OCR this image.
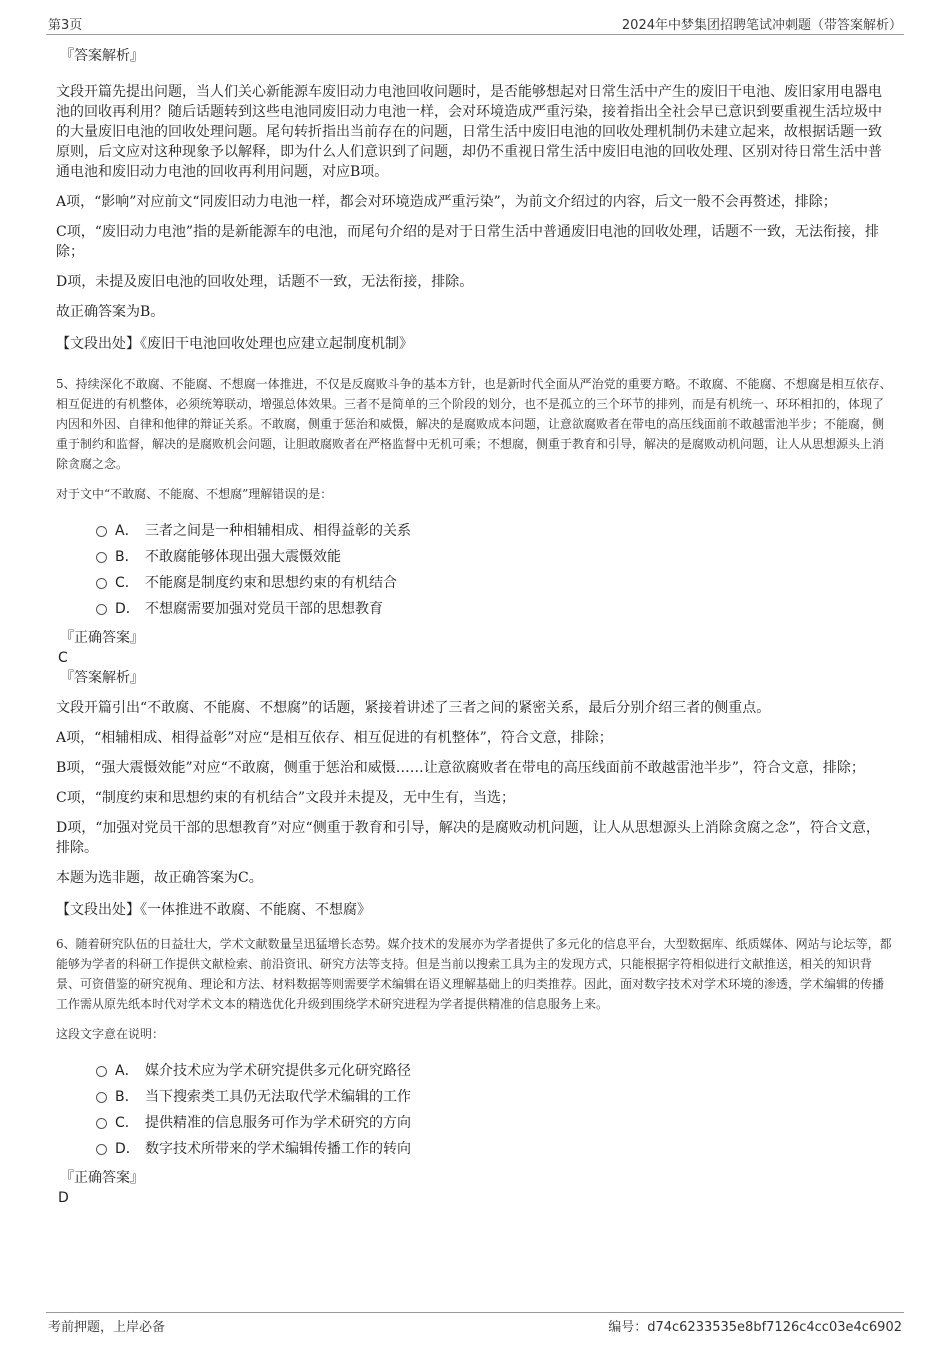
第3页	2024年中梦集团招聘笔试冲刺题（带答案解析）

『答案解析』

文段开篇先提出问题，当人们关心新能源车废旧动力电池回收问题时，是否能够想起对日常生活中产生的废旧干电池、废旧家用电器电池的回收再利用？随后话题转到这些电池同废旧动力电池一样，会对环境造成严重污染，接着指出全社会早已意识到要重视生活垃圾中的大量废旧电池的回收处理问题。尾句转折指出当前存在的问题，日常生活中废旧电池的回收处理机制仍未建立起来，故根据话题一致原则，后文应对这种现象予以解释，即为什么人们意识到了问题，却仍不重视日常生活中废旧电池的回收处理、区别对待日常生活中普通电池和废旧动力电池的回收再利用问题，对应B项。

A项，“影响”对应前文“同废旧动力电池一样，都会对环境造成严重污染”，为前文介绍过的内容，后文一般不会再赘述，排除；

C项，“废旧动力电池”指的是新能源车的电池，而尾句介绍的是对于日常生活中普通废旧电池的回收处理，话题不一致，无法衔接，排除；

D项，未提及废旧电池的回收处理，话题不一致，无法衔接，排除。

故正确答案为B。

【文段出处】《废旧干电池回收处理也应建立起制度机制》

5、持续深化不敢腐、不能腐、不想腐一体推进，不仅是反腐败斗争的基本方针，也是新时代全面从严治党的重要方略。不敢腐、不能腐、不想腐是相互依存、相互促进的有机整体，必须统筹联动，增强总体效果。三者不是简单的三个阶段的划分，也不是孤立的三个环节的排列，而是有机统一、环环相扣的，体现了内因和外因、自律和他律的辩证关系。不敢腐，侧重于惩治和威慑，解决的是腐败成本问题，让意欲腐败者在带电的高压线面前不敢越雷池半步；不能腐，侧重于制约和监督，解决的是腐败机会问题，让胆敢腐败者在严格监督中无机可乘；不想腐，侧重于教育和引导，解决的是腐败动机问题，让人从思想源头上消除贪腐之念。

对于文中“不敢腐、不能腐、不想腐”理解错误的是：

A． 三者之间是一种相辅相成、相得益彰的关系
B． 不敢腐能够体现出强大震慑效能
C． 不能腐是制度约束和思想约束的有机结合
D． 不想腐需要加强对党员干部的思想教育

『正确答案』

C

『答案解析』

文段开篇引出“不敢腐、不能腐、不想腐”的话题，紧接着讲述了三者之间的紧密关系，最后分别介绍三者的侧重点。

A项，“相辅相成、相得益彰”对应“是相互依存、相互促进的有机整体”，符合文意，排除；

B项，“强大震慑效能”对应“不敢腐，侧重于惩治和威慑……让意欲腐败者在带电的高压线面前不敢越雷池半步”，符合文意，排除；

C项，“制度约束和思想约束的有机结合”文段并未提及，无中生有，当选；

D项，“加强对党员干部的思想教育”对应“侧重于教育和引导，解决的是腐败动机问题，让人从思想源头上消除贪腐之念”，符合文意，排除。

本题为选非题，故正确答案为C。

【文段出处】《一体推进不敢腐、不能腐、不想腐》

6、随着研究队伍的日益壮大，学术文献数量呈迅猛增长态势。媒介技术的发展亦为学者提供了多元化的信息平台，大型数据库、纸质媒体、网站与论坛等，都能够为学者的科研工作提供文献检索、前沿资讯、研究方法等支持。但是当前以搜索工具为主的发现方式，只能根据字符相似进行文献推送，相关的知识背景、可资借鉴的研究视角、理论和方法、材料数据等则需要学术编辑在语义理解基础上的归类推荐。因此，面对数字技术对学术环境的渗透，学术编辑的传播工作需从原先纸本时代对学术文本的精选优化升级到围绕学术研究进程为学者提供精准的信息服务上来。

这段文字意在说明：

A． 媒介技术应为学术研究提供多元化研究路径
B． 当下搜索类工具仍无法取代学术编辑的工作
C． 提供精准的信息服务可作为学术研究的方向
D． 数字技术所带来的学术编辑传播工作的转向

『正确答案』

D

考前押题，上岸必备	编号：d74c6233535e8bf7126c4cc03e4c6902
